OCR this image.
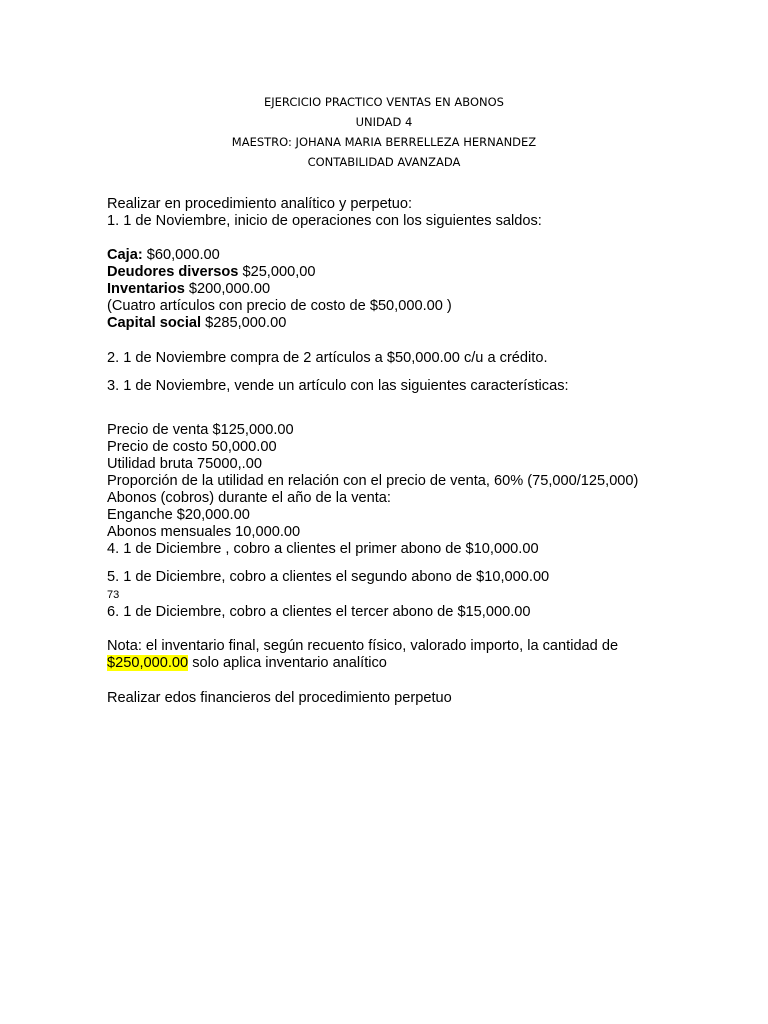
EJERCICIO PRACTICO VENTAS EN ABONOS
UNIDAD 4
MAESTRO: JOHANA MARIA BERRELLEZA HERNANDEZ
CONTABILIDAD AVANZADA
Realizar en procedimiento analítico y perpetuo:
1. 1 de Noviembre, inicio de operaciones con los siguientes saldos:
Caja: $60,000.00
Deudores diversos $25,000,00
Inventarios $200,000.00
(Cuatro artículos con precio de costo de $50,000.00 )
Capital social $285,000.00
2. 1 de Noviembre compra de 2 artículos a $50,000.00 c/u a crédito.
3. 1 de Noviembre, vende un artículo con las siguientes características:
Precio de venta $125,000.00
Precio de costo 50,000.00
Utilidad bruta 75000,.00
Proporción de la utilidad en relación con el precio de venta, 60% (75,000/125,000)
Abonos (cobros) durante el año de la venta:
Enganche $20,000.00
Abonos mensuales 10,000.00
4. 1 de Diciembre , cobro a clientes el primer abono de $10,000.00
5. 1 de Diciembre, cobro a clientes el segundo abono de $10,000.00
73
6. 1 de Diciembre, cobro a clientes el tercer abono de $15,000.00
Nota: el inventario final, según recuento físico, valorado importo, la cantidad de
$250,000.00 solo aplica inventario analítico
Realizar edos financieros del procedimiento perpetuo
